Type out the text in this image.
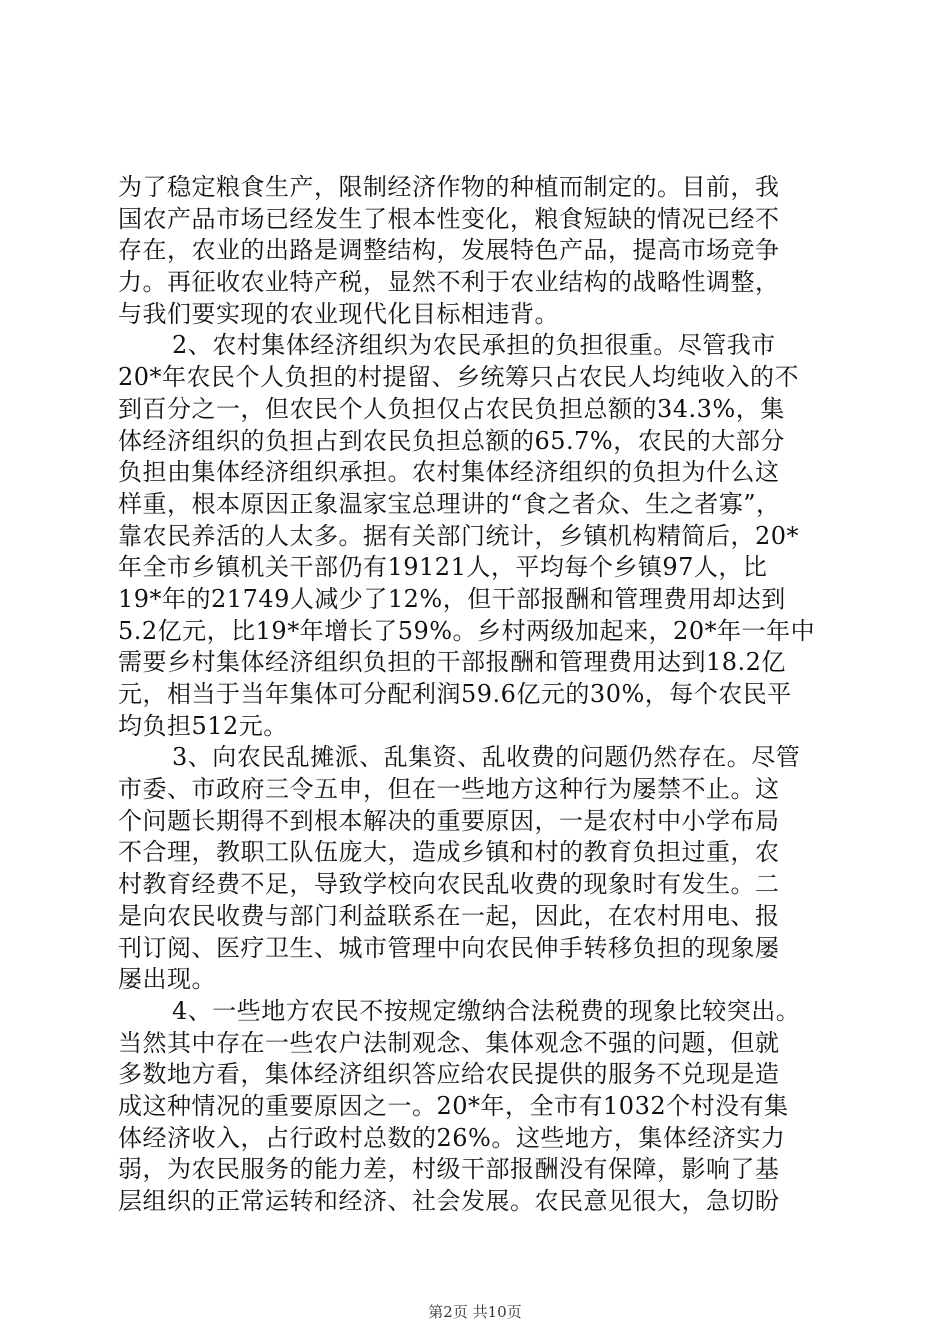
为了稳定粮食生产，限制经济作物的种植而制定的。目前，我
国农产品市场已经发生了根本性变化，粮食短缺的情况已经不
存在，农业的出路是调整结构，发展特色产品，提高市场竞争
力。再征收农业特产税，显然不利于农业结构的战略性调整，
与我们要实现的农业现代化目标相违背。
2、农村集体经济组织为农民承担的负担很重。尽管我市
20*年农民个人负担的村提留、乡统筹只占农民人均纯收入的不
到百分之一，但农民个人负担仅占农民负担总额的34.3%，集
体经济组织的负担占到农民负担总额的65.7%，农民的大部分
负担由集体经济组织承担。农村集体经济组织的负担为什么这
样重，根本原因正象温家宝总理讲的“食之者众、生之者寡”，
靠农民养活的人太多。据有关部门统计，乡镇机构精简后，20*
年全市乡镇机关干部仍有19121人，平均每个乡镇97人，比
19*年的21749人减少了12%，但干部报酬和管理费用却达到
5.2亿元，比19*年增长了59%。乡村两级加起来，20*年一年中
需要乡村集体经济组织负担的干部报酬和管理费用达到18.2亿
元，相当于当年集体可分配利润59.6亿元的30%，每个农民平
均负担512元。
3、向农民乱摊派、乱集资、乱收费的问题仍然存在。尽管
市委、市政府三令五申，但在一些地方这种行为屡禁不止。这
个问题长期得不到根本解决的重要原因，一是农村中小学布局
不合理，教职工队伍庞大，造成乡镇和村的教育负担过重，农
村教育经费不足，导致学校向农民乱收费的现象时有发生。二
是向农民收费与部门利益联系在一起，因此，在农村用电、报
刊订阅、医疗卫生、城市管理中向农民伸手转移负担的现象屡
屡出现。
4、一些地方农民不按规定缴纳合法税费的现象比较突出。
当然其中存在一些农户法制观念、集体观念不强的问题，但就
多数地方看，集体经济组织答应给农民提供的服务不兑现是造
成这种情况的重要原因之一。20*年，全市有1032个村没有集
体经济收入，占行政村总数的26%。这些地方，集体经济实力
弱，为农民服务的能力差，村级干部报酬没有保障，影响了基
层组织的正常运转和经济、社会发展。农民意见很大，急切盼
第2页 共10页
